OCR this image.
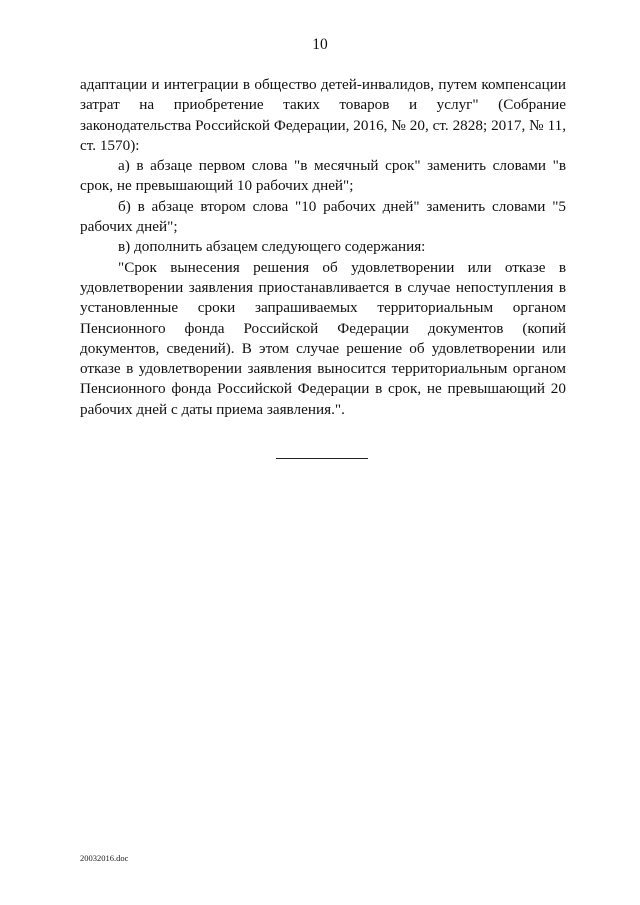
10

адаптации и интеграции в общество детей-инвалидов, путем компенсации затрат на приобретение таких товаров и услуг" (Собрание законодательства Российской Федерации, 2016, № 20, ст. 2828; 2017, № 11, ст. 1570):

а) в абзаце первом слова "в месячный срок" заменить словами "в срок, не превышающий 10 рабочих дней";

б) в абзаце втором слова "10 рабочих дней" заменить словами "5 рабочих дней";

в) дополнить абзацем следующего содержания:

"Срок вынесения решения об удовлетворении или отказе в удовлетворении заявления приостанавливается в случае непоступления в установленные сроки запрашиваемых территориальным органом Пенсионного фонда Российской Федерации документов (копий документов, сведений). В этом случае решение об удовлетворении или отказе в удовлетворении заявления выносится территориальным органом Пенсионного фонда Российской Федерации в срок, не превышающий 20 рабочих дней с даты приема заявления.".

20032016.doc
